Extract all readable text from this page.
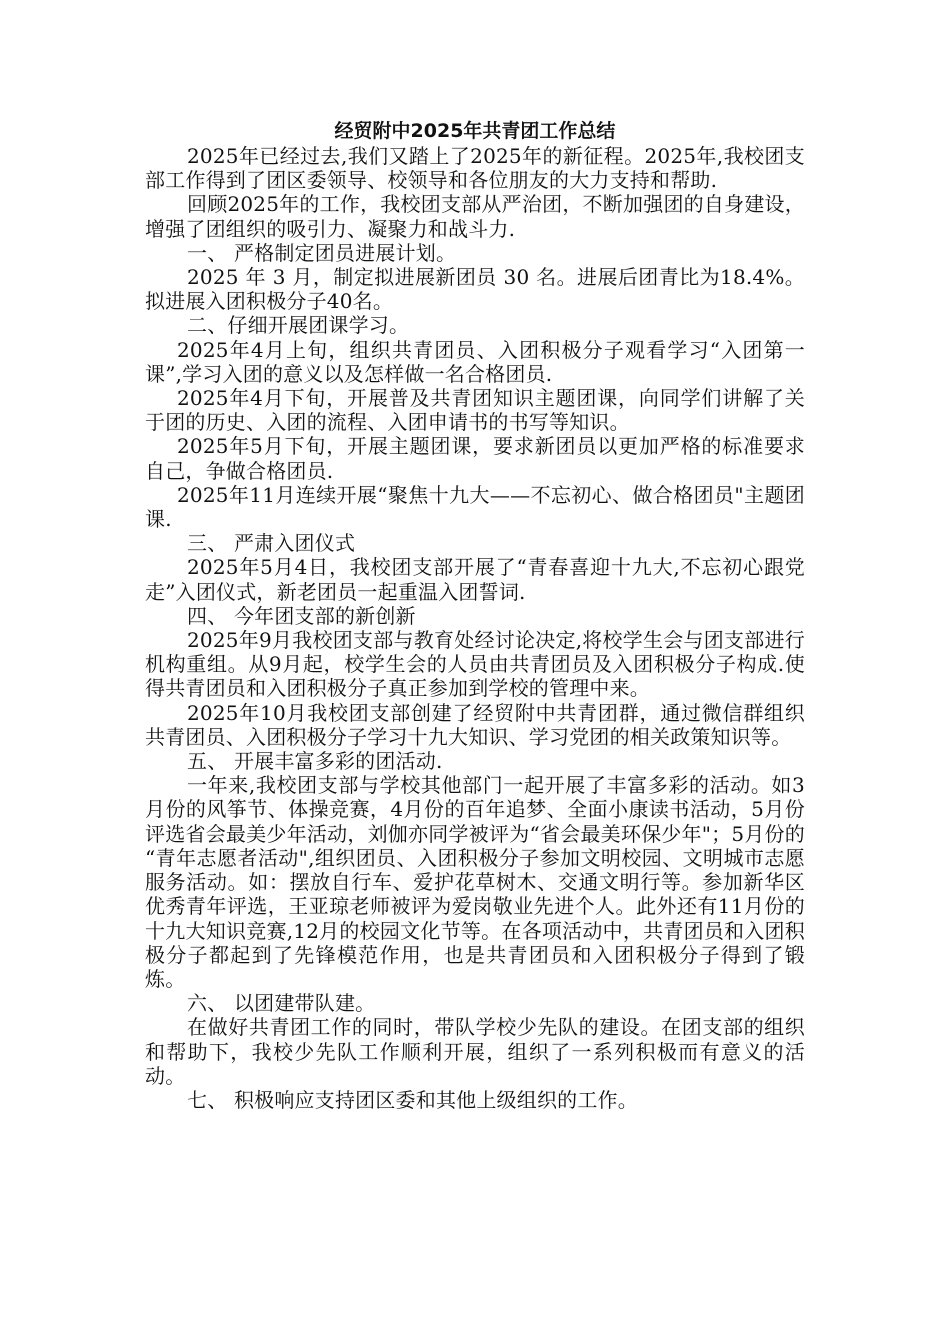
经贸附中2025年共青团工作总结

2025年已经过去,我们又踏上了2025年的新征程。2025年,我校团支部工作得到了团区委领导、校领导和各位朋友的大力支持和帮助.

回顾2025年的工作，我校团支部从严治团，不断加强团的自身建设，增强了团组织的吸引力、凝聚力和战斗力.

一、 严格制定团员进展计划。

2025 年 3 月，制定拟进展新团员 30 名。进展后团青比为18.4%。拟进展入团积极分子40名。

二、仔细开展团课学习。

2025年4月上旬，组织共青团员、入团积极分子观看学习“入团第一课”,学习入团的意义以及怎样做一名合格团员.

2025年4月下旬，开展普及共青团知识主题团课，向同学们讲解了关于团的历史、入团的流程、入团申请书的书写等知识。

2025年5月下旬，开展主题团课，要求新团员以更加严格的标准要求自己，争做合格团员.

2025年11月连续开展“聚焦十九大——不忘初心、做合格团员"主题团课.

三、 严肃入团仪式

2025年5月4日，我校团支部开展了“青春喜迎十九大,不忘初心跟党走”入团仪式，新老团员一起重温入团誓词.

四、 今年团支部的新创新

2025年9月我校团支部与教育处经讨论决定,将校学生会与团支部进行机构重组。从9月起，校学生会的人员由共青团员及入团积极分子构成.使得共青团员和入团积极分子真正参加到学校的管理中来。

2025年10月我校团支部创建了经贸附中共青团群，通过微信群组织共青团员、入团积极分子学习十九大知识、学习党团的相关政策知识等。

五、 开展丰富多彩的团活动.

一年来,我校团支部与学校其他部门一起开展了丰富多彩的活动。如3月份的风筝节、体操竞赛，4月份的百年追梦、全面小康读书活动，5月份评选省会最美少年活动，刘伽亦同学被评为“省会最美环保少年"；5月份的 “青年志愿者活动",组织团员、入团积极分子参加文明校园、文明城市志愿服务活动。如：摆放自行车、爱护花草树木、交通文明行等。参加新华区优秀青年评选，王亚琼老师被评为爱岗敬业先进个人。此外还有11月份的十九大知识竞赛,12月的校园文化节等。在各项活动中，共青团员和入团积极分子都起到了先锋模范作用，也是共青团员和入团积极分子得到了锻炼。

六、 以团建带队建。

在做好共青团工作的同时，带队学校少先队的建设。在团支部的组织和帮助下，我校少先队工作顺利开展，组织了一系列积极而有意义的活动。

七、 积极响应支持团区委和其他上级组织的工作。
